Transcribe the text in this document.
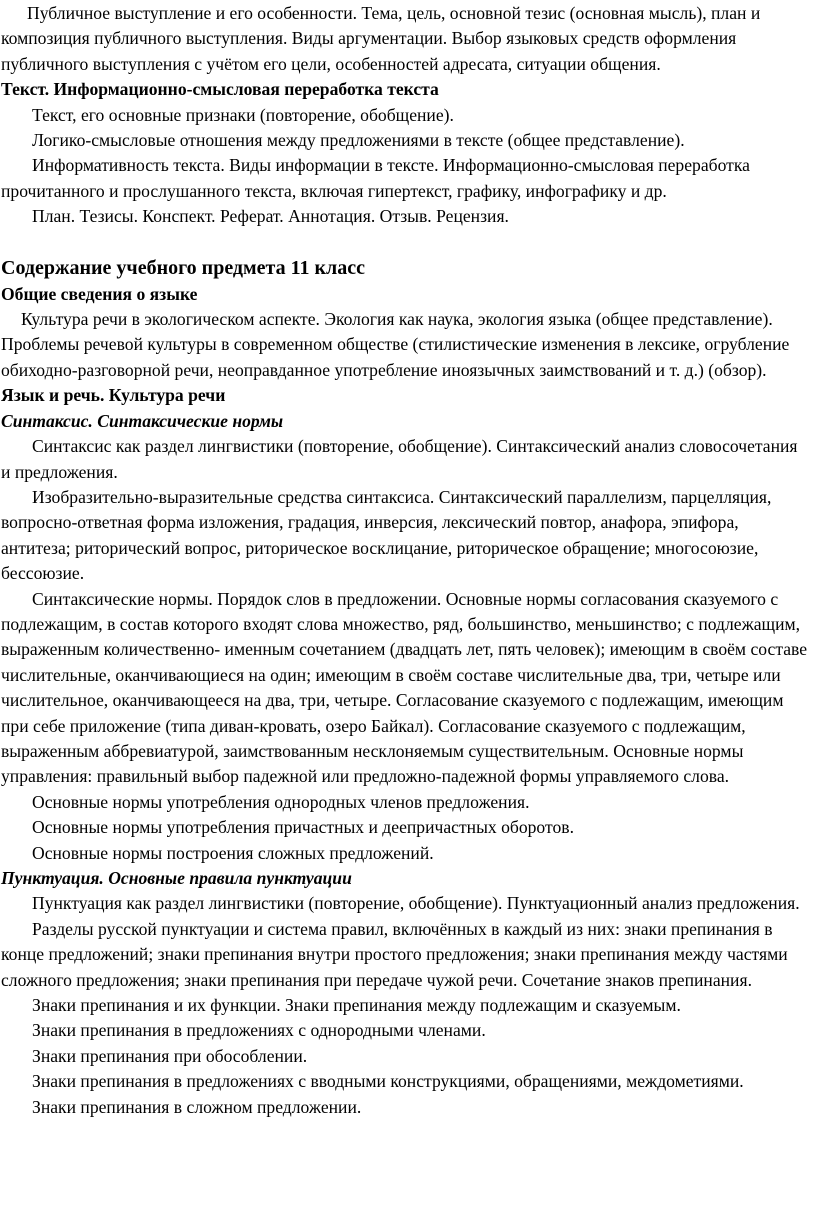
Публичное выступление и его особенности. Тема, цель, основной тезис (основная мысль), план и композиция публичного выступления. Виды аргументации. Выбор языковых средств оформления публичного выступления с учётом его цели, особенностей адресата, ситуации общения.

Текст. Информационно-смысловая переработка текста

Текст, его основные признаки (повторение, обобщение).

Логико-смысловые отношения между предложениями в тексте (общее представление).

Информативность текста. Виды информации в тексте. Информационно-смысловая переработка прочитанного и прослушанного текста, включая гипертекст, графику, инфографику и др.

План. Тезисы. Конспект. Реферат. Аннотация. Отзыв. Рецензия.

Содержание учебного предмета 11 класс
Общие сведения о языке

Культура речи в экологическом аспекте. Экология как наука, экология языка (общее представление). Проблемы речевой культуры в современном обществе (стилистические изменения в лексике, огрубление обиходно-разговорной речи, неоправданное употребление иноязычных заимствований и т. д.) (обзор).

Язык и речь. Культура речи
Синтаксис. Синтаксические нормы

Синтаксис как раздел лингвистики (повторение, обобщение). Синтаксический анализ словосочетания и предложения.

Изобразительно-выразительные средства синтаксиса. Синтаксический параллелизм, парцелляция, вопросно-ответная форма изложения, градация, инверсия, лексический повтор, анафора, эпифора, антитеза; риторический вопрос, риторическое восклицание, риторическое обращение; многосоюзие, бессоюзие.

Синтаксические нормы. Порядок слов в предложении. Основные нормы согласования сказуемого с подлежащим, в состав которого входят слова множество, ряд, большинство, меньшинство; с подлежащим, выраженным количественно- именным сочетанием (двадцать лет, пять человек); имеющим в своём составе числительные, оканчивающиеся на один; имеющим в своём составе числительные два, три, четыре или числительное, оканчивающееся на два, три, четыре. Согласование сказуемого с подлежащим, имеющим при себе приложение (типа диван-кровать, озеро Байкал). Согласование сказуемого с подлежащим, выраженным аббревиатурой, заимствованным несклоняемым существительным. Основные нормы управления: правильный выбор падежной или предложно-падежной формы управляемого слова.

Основные нормы употребления однородных членов предложения.

Основные нормы употребления причастных и деепричастных оборотов.

Основные нормы построения сложных предложений.

Пунктуация. Основные правила пунктуации

Пунктуация как раздел лингвистики (повторение, обобщение). Пунктуационный анализ предложения.

Разделы русской пунктуации и система правил, включённых в каждый из них: знаки препинания в конце предложений; знаки препинания внутри простого предложения; знаки препинания между частями сложного предложения; знаки препинания при передаче чужой речи. Сочетание знаков препинания.

Знаки препинания и их функции. Знаки препинания между подлежащим и сказуемым.

Знаки препинания в предложениях с однородными членами.

Знаки препинания при обособлении.

Знаки препинания в предложениях с вводными конструкциями, обращениями, междометиями.

Знаки препинания в сложном предложении.
